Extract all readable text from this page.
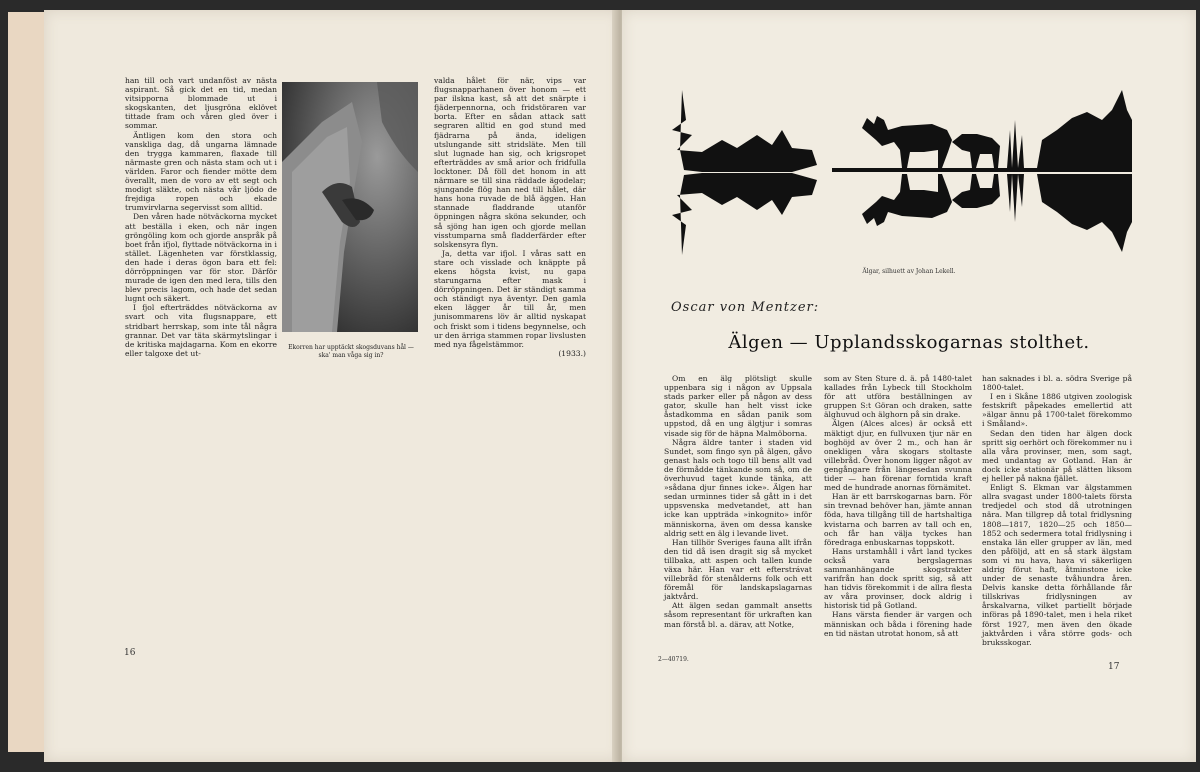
han till och vart undanföst av nästa aspirant. Så gick det en tid, medan vitsipporna blommade ut i skogskanten, det ljusgröna eklövet tittade fram och våren gled över i sommar.

Äntligen kom den stora och vanskliga dag, då ungarna lämnade den trygga kammaren, flaxade till närmaste gren och nästa stam och ut i världen. Faror och fiender mötte dem överallt, men de voro av ett segt och modigt släkte, och nästa vår ljödo de frejdiga ropen och ekade trumvirvlarna segervisst som alltid.

Den våren hade nötväckorna mycket att beställa i eken, och när ingen gröngöling kom och gjorde anspråk på boet från ifjol, flyttade nötväckorna in i stället. Lägenheten var förstklassig, den hade i deras ögon bara ett fel: dörröppningen var för stor. Därför murade de igen den med lera, tills den blev precis lagom, och hade det sedan lugnt och säkert.

I fjol efterträddes nötväckorna av svart och vita flugsnappare, ett stridbart herrskap, som inte tål några grannar. Det var täta skärmytslingar i de kritiska majdagarna. Kom en ekorre eller talgoxe det ut-

Ekorren har upptäckt skogsduvans hål — ska' man våga sig in?

valda hålet för när, vips var flugsnapparhanen över honom — ett par ilskna kast, så att det snärpte i fjäderpennorna, och fridstöraren var borta. Efter en sådan attack satt segraren alltid en god stund med fjädrarna på ända, ideligen utslungande sitt stridsläte. Men till slut lugnade han sig, och krigsropet efterträddes av små arior och fridfulla locktoner. Då föll det honom in att närmare se till sina räddade ägodelar; sjungande flög han ned till hålet, där hans hona ruvade de blå äggen. Han stannade fladdrande utanför öppningen några sköna sekunder, och så sjöng han igen och gjorde mellan visstumparna små fladderfärder efter solskensyra flyn.

Ja, detta var ifjol. I våras satt en stare och visslade och knäppte på ekens högsta kvist, nu gapa starungarna efter mask i dörröppningen. Det är ständigt samma och ständigt nya äventyr. Den gamla eken lägger år till år, men junisommarens löv är alltid nyskapat och friskt som i tidens begynnelse, och ur den ärriga stammen ropar livslusten med nya fågelstämmor.

(1933.)

16
Älgar, silhuett av Johan Lekell.
Oscar von Mentzer:
Älgen — Upplandsskogarnas stolthet.

Om en älg plötsligt skulle uppenbara sig i någon av Uppsala stads parker eller på någon av dess gator, skulle han helt visst icke åstadkomma en sådan panik som uppstod, då en ung älgtjur i somras visade sig för de häpna Malmöborna.

Några äldre tanter i staden vid Sundet, som fingo syn på älgen, gåvo genast hals och togo till bens allt vad de förmådde tänkande som så, om de överhuvud taget kunde tänka, att »sådana djur finnes icke». Älgen har sedan urminnes tider så gått in i det uppsvenska medvetandet, att han icke kan uppträda »inkognito» inför människorna, även om dessa kanske aldrig sett en älg i levande livet.

Han tillhör Sveriges fauna allt ifrån den tid då isen dragit sig så mycket tillbaka, att aspen och tallen kunde växa här. Han var ett efterstrávat villebråd för stenålderns folk och ett föremål för landskapslagarnas jaktvård.

Att älgen sedan gammalt ansetts såsom representant för urkraften kan man förstå bl. a. därav, att Notke,

som av Sten Sture d. ä. på 1480-talet kallades från Lybeck till Stockholm för att utföra beställningen av gruppen S:t Göran och draken, satte älghuvud och älghorn på sin drake.

Älgen (Alces alces) är också ett mäktigt djur, en fullvuxen tjur när en boghöjd av över 2 m., och han är onekligen våra skogars stoltaste villebråd. Över honom ligger något av gengångare från längesedan svunna tider — han förenar forntida kraft med de hundrade anornas förnämitet.

Han är ett barrskogarnas barn. För sin trevnad behöver han, jämte annan föda, hava tillgång till de hartshaltiga kvistarna och barren av tall och en, och får han välja tyckes han föredraga enbuskarnas toppskott.

Hans urstamhåll i vårt land tyckes också vara bergslagernas sammanhängande skogstrakter varifrån han dock spritt sig, så att han tidvis förekommit i de allra flesta av våra provinser, dock aldrig i historisk tid på Gotland.

Hans värsta fiender är vargen och människan och båda i förening hade en tid nästan utrotat honom, så att

han saknades i bl. a. södra Sverige på 1800-talet.

I en i Skåne 1886 utgiven zoologisk festskrift påpekades emellertid att »älgar ännu på 1700-talet förekommo i Småland».

Sedan den tiden har älgen dock spritt sig oerhört och förekommer nu i alla våra provinser, men, som sagt, med undantag av Gotland. Han är dock icke stationär på slätten liksom ej heller på nakna fjället.

Enligt S. Ekman var älgstammen allra svagast under 1800-talets första tredjedel och stod då utrotningen nära. Man tillgrep då total fridlysning 1808—1817, 1820—25 och 1850—1852 och sedermera total fridlysning i enstaka län eller grupper av län, med den påföljd, att en så stark älgstam som vi nu hava, hava vi säkerligen aldrig förut haft, åtminstone icke under de senaste tvåhundra åren. Delvis kanske detta förhållande får tillskrivas fridlysningen av årskalvarna, vilket partiellt började införas på 1890-talet, men i hela riket först 1927, men även den ökade jaktvården i våra större gods- och bruksskogar.

2—40719.
17
